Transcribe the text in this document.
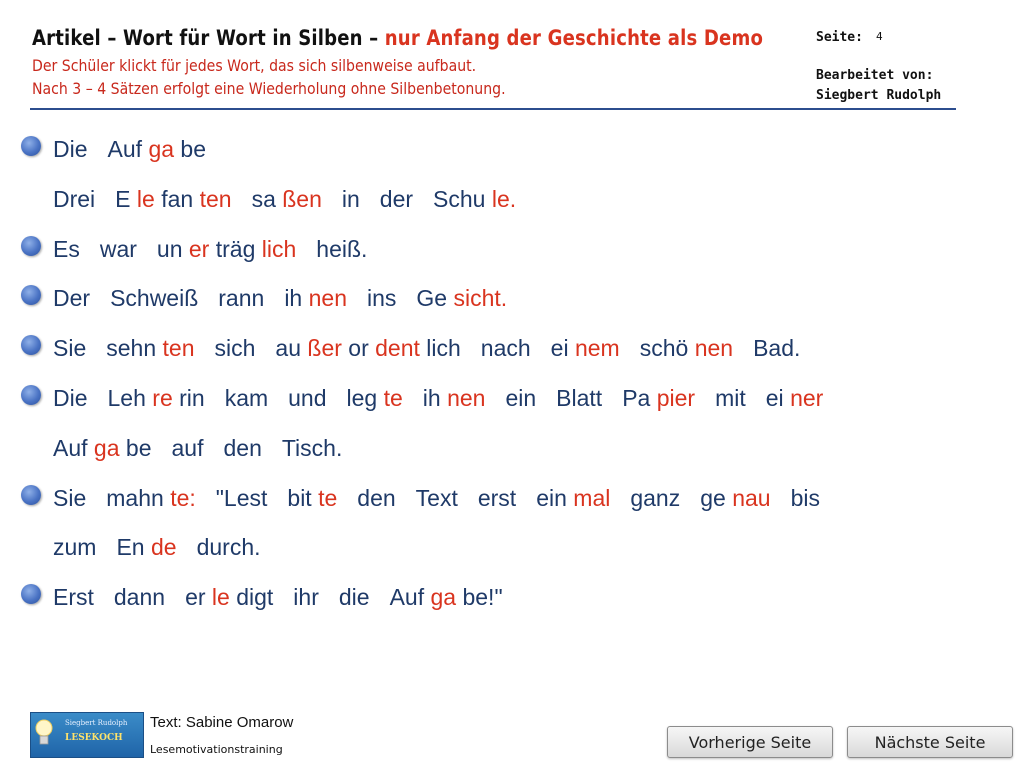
Artikel – Wort für Wort in Silben – nur Anfang der Geschichte als Demo
Der Schüler klickt für jedes Wort, das sich silbenweise aufbaut.
Nach 3 – 4 Sätzen erfolgt eine Wiederholung ohne Silbenbetonung.
Seite: 4
Bearbeitet von:
Siegbert Rudolph
Die Auf ga be
Drei E le fan ten sa ßen in der Schu le.
Es war un er träg lich heiß.
Der Schweiß rann ih nen ins Ge sicht.
Sie sehn ten sich au ßer or dent lich nach ei nem schö nen Bad.
Die Leh re rin kam und leg te ih nen ein Blatt Pa pier mit ei ner
Auf ga be auf den Tisch.
Sie mahn te: "Lest bit te den Text erst ein mal ganz ge nau bis
zum En de durch.
Erst dann er le digt ihr die Auf ga be!"
Siegbert Rudolph
LESEKOCH
Text: Sabine Omarow
Lesemotivationstraining	Vorherige Seite	Nächste Seite
